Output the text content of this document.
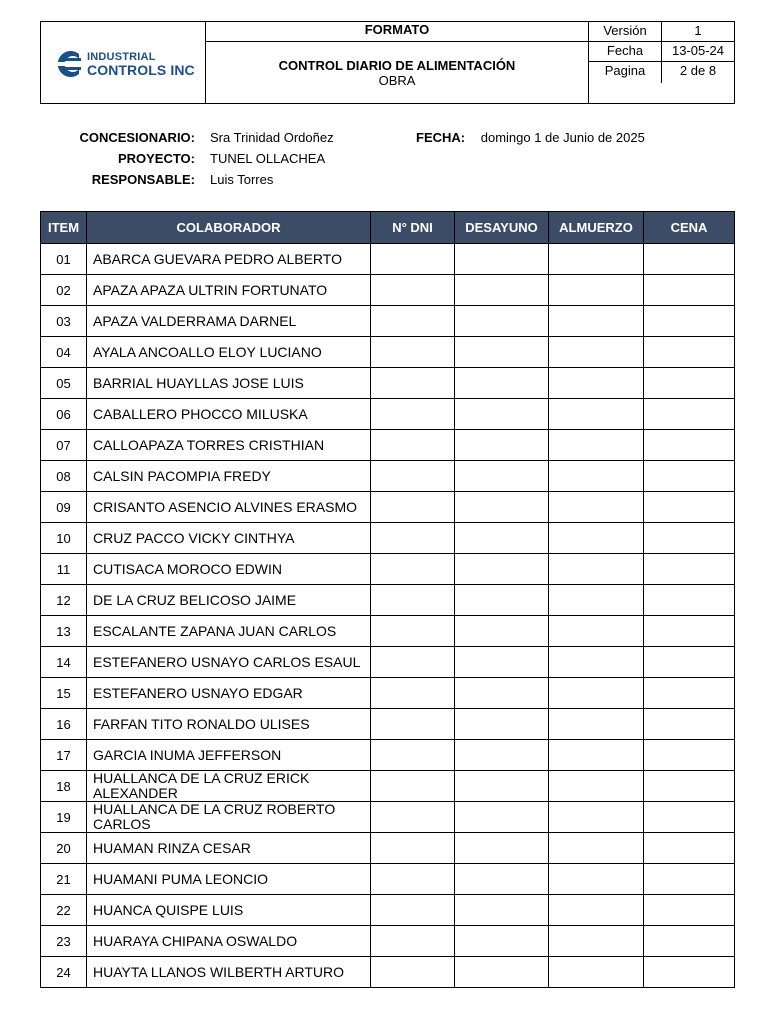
INDUSTRIAL
CONTROLS INC
FORMATO
CONTROL DIARIO DE ALIMENTACIÓN
OBRA
Versión	1
Fecha	13-05-24
Pagina	2 de 8
CONCESIONARIO: Sra Trinidad Ordoñez
PROYECTO: TUNEL OLLACHEA
RESPONSABLE: Luis Torres
FECHA: domingo 1 de Junio de 2025
ITEM	COLABORADOR	N° DNI	DESAYUNO	ALMUERZO	CENA
01	ABARCA GUEVARA PEDRO ALBERTO				
02	APAZA APAZA ULTRIN FORTUNATO				
03	APAZA VALDERRAMA DARNEL				
04	AYALA ANCOALLO ELOY LUCIANO				
05	BARRIAL HUAYLLAS JOSE LUIS				
06	CABALLERO PHOCCO MILUSKA				
07	CALLOAPAZA TORRES CRISTHIAN				
08	CALSIN PACOMPIA FREDY				
09	CRISANTO ASENCIO ALVINES ERASMO				
10	CRUZ PACCO VICKY CINTHYA				
11	CUTISACA MOROCO EDWIN				
12	DE LA CRUZ BELICOSO JAIME				
13	ESCALANTE ZAPANA JUAN CARLOS				
14	ESTEFANERO USNAYO CARLOS ESAUL				
15	ESTEFANERO USNAYO EDGAR				
16	FARFAN TITO RONALDO ULISES				
17	GARCIA INUMA JEFFERSON				
18	HUALLANCA DE LA CRUZ ERICK ALEXANDER				
19	HUALLANCA DE LA CRUZ ROBERTO CARLOS				
20	HUAMAN RINZA CESAR				
21	HUAMANI PUMA LEONCIO				
22	HUANCA QUISPE LUIS				
23	HUARAYA CHIPANA OSWALDO				
24	HUAYTA LLANOS WILBERTH ARTURO				
